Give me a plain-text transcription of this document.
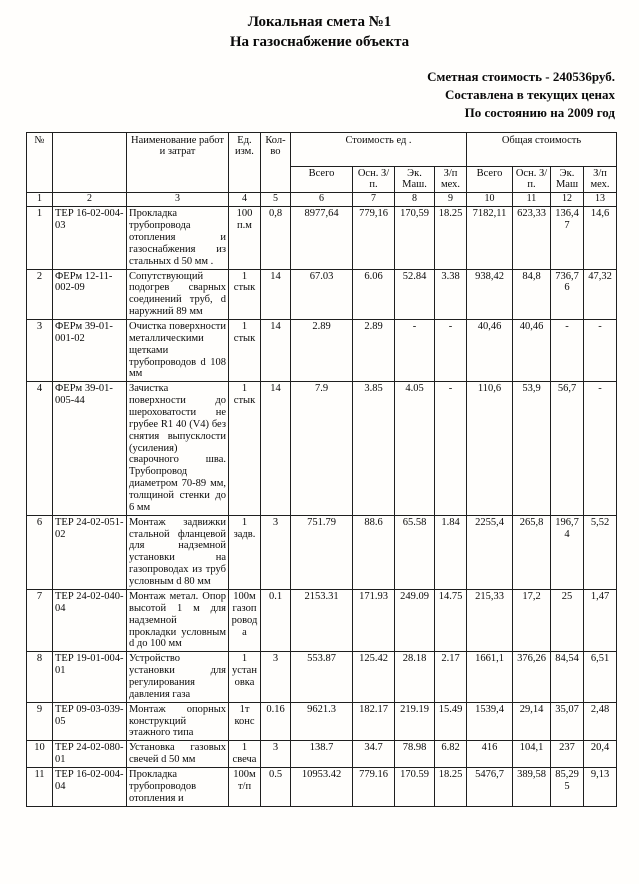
Локальная смета №1
На газоснабжение объекта
Сметная стоимость - 240536руб.
Составлена в текущих ценах
По состоянию на 2009 год
№		Наименование работ и затрат	Ед. изм.	Кол-во	Стоимость ед .				Общая стоимость			
					Всего	Осн. З/п.	Эк. Маш.	З/п мех.	Всего	Осн. З/п.	Эк. Маш	З/п мех.
1	2	3	4	5	6	7	8	9	10	11	12	13
1	ТЕР 16-02-004-03	Прокладка трубопровода отопления и газоснабжения из стальных d 50 мм .	100 п.м	0,8	8977,64	779,16	170,59	18.25	7182,11	623,33	136,47	14,6
2	ФЕРм 12-11-002-09	Сопутствующий подогрев сварных соединений труб, d наружний 89 мм	1 стык	14	67.03	6.06	52.84	3.38	938,42	84,8	736,76	47,32
3	ФЕРм 39-01-001-02	Очистка поверхности металлическими щетками трубопроводов d 108 мм	1 стык	14	2.89	2.89	-	-	40,46	40,46	-	-
4	ФЕРм 39-01-005-44	Зачистка поверхности до шероховатости не грубее R1 40 (V4) без снятия выпусклости (усиления) сварочного шва. Трубопровод диаметром 70-89 мм, толщиной стенки до 6 мм	1 стык	14	7.9	3.85	4.05	-	110,6	53,9	56,7	-
6	ТЕР 24-02-051-02	Монтаж задвижки стальной фланцевой для надземной установки на газопроводах из труб условным d 80 мм	1 задв.	3	751.79	88.6	65.58	1.84	2255,4	265,8	196,74	5,52
7	ТЕР 24-02-040-04	Монтаж метал. Опор высотой 1 м для надземной прокладки условным d до 100 мм	100м газопровода	0.1	2153.31	171.93	249.09	14.75	215,33	17,2	25	1,47
8	ТЕР 19-01-004-01	Устройство установки для регулирования давления газа	1 установка	3	553.87	125.42	28.18	2.17	1661,1	376,26	84,54	6,51
9	ТЕР 09-03-039-05	Монтаж опорных конструкций этажного типа	1т конс	0.16	9621.3	182.17	219.19	15.49	1539,4	29,14	35,07	2,48
10	ТЕР 24-02-080-01	Установка газовых свечей d 50 мм	1 свеча	3	138.7	34.7	78.98	6.82	416	104,1	237	20,4
11	ТЕР 16-02-004-04	Прокладка трубопроводов отопления и	100м т/п	0.5	10953.42	779.16	170.59	18.25	5476,7	389,58	85,295	9,13
